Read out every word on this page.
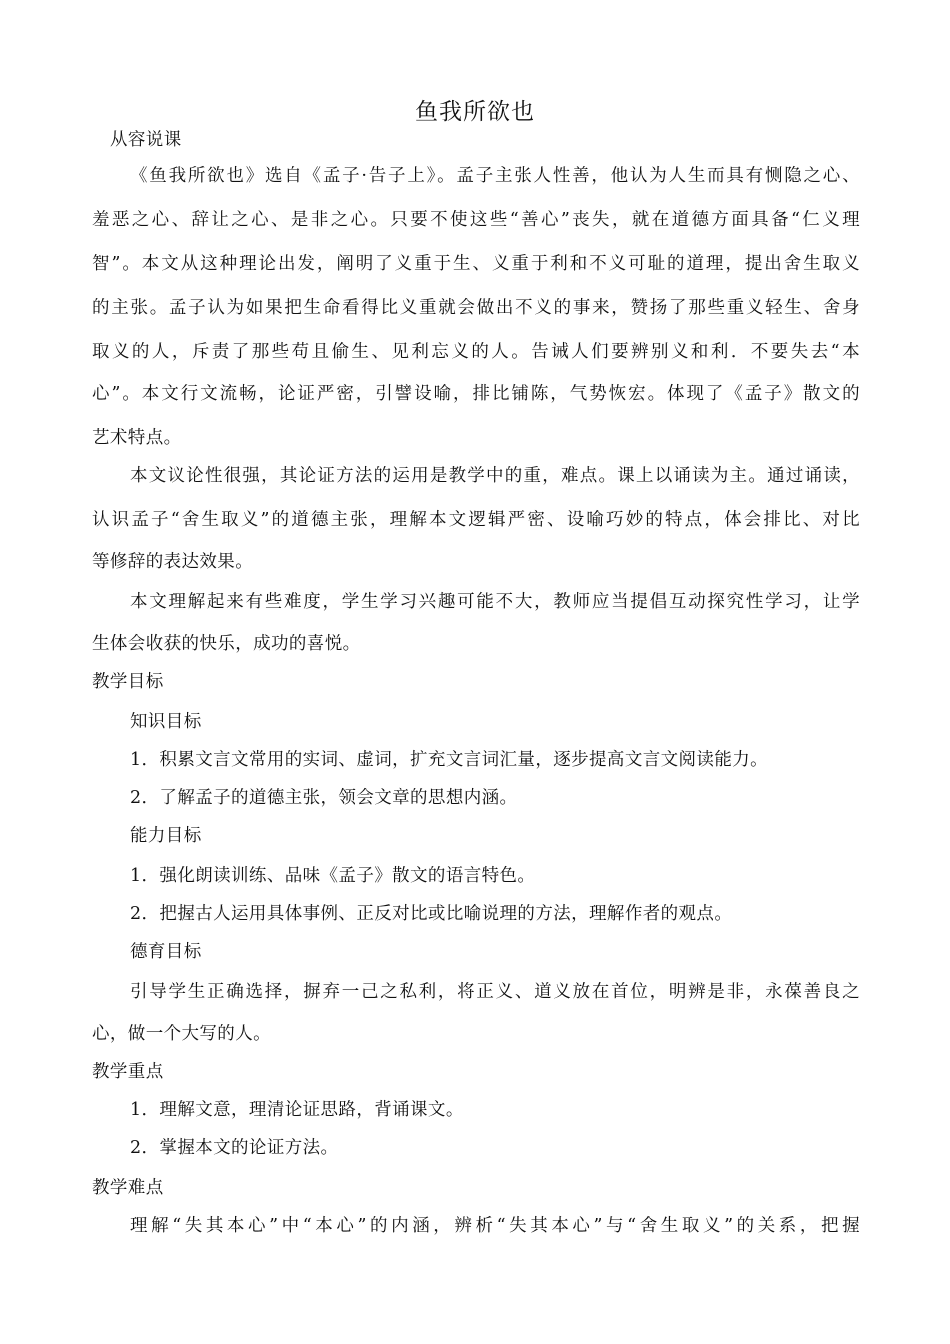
鱼我所欲也
从容说课
《鱼我所欲也》选自《孟子·告子上》。孟子主张人性善，他认为人生而具有恻隐之心、
羞恶之心、辞让之心、是非之心。只要不使这些“善心”丧失，就在道德方面具备“仁义理
智”。本文从这种理论出发，阐明了义重于生、义重于利和不义可耻的道理，提出舍生取义
的主张。孟子认为如果把生命看得比义重就会做出不义的事来，赞扬了那些重义轻生、舍身
取义的人，斥责了那些苟且偷生、见利忘义的人。告诫人们要辨别义和利．不要失去“本
心”。本文行文流畅，论证严密，引譬设喻，排比铺陈，气势恢宏。体现了《孟子》散文的
艺术特点。
本文议论性很强，其论证方法的运用是教学中的重，难点。课上以诵读为主。通过诵读，
认识孟子“舍生取义”的道德主张，理解本文逻辑严密、设喻巧妙的特点，体会排比、对比
等修辞的表达效果。
本文理解起来有些难度，学生学习兴趣可能不大，教师应当提倡互动探究性学习，让学
生体会收获的快乐，成功的喜悦。
教学目标
知识目标
1．积累文言文常用的实词、虚词，扩充文言词汇量，逐步提高文言文阅读能力。
2．了解孟子的道德主张，领会文章的思想内涵。
能力目标
1．强化朗读训练、品味《孟子》散文的语言特色。
2．把握古人运用具体事例、正反对比或比喻说理的方法，理解作者的观点。
德育目标
引导学生正确选择，摒弃一己之私利，将正义、道义放在首位，明辨是非，永葆善良之
心，做一个大写的人。
教学重点
1．理解文意，理清论证思路，背诵课文。
2．掌握本文的论证方法。
教学难点
理解“失其本心”中“本心”的内涵，辨析“失其本心”与“舍生取义”的关系，把握
